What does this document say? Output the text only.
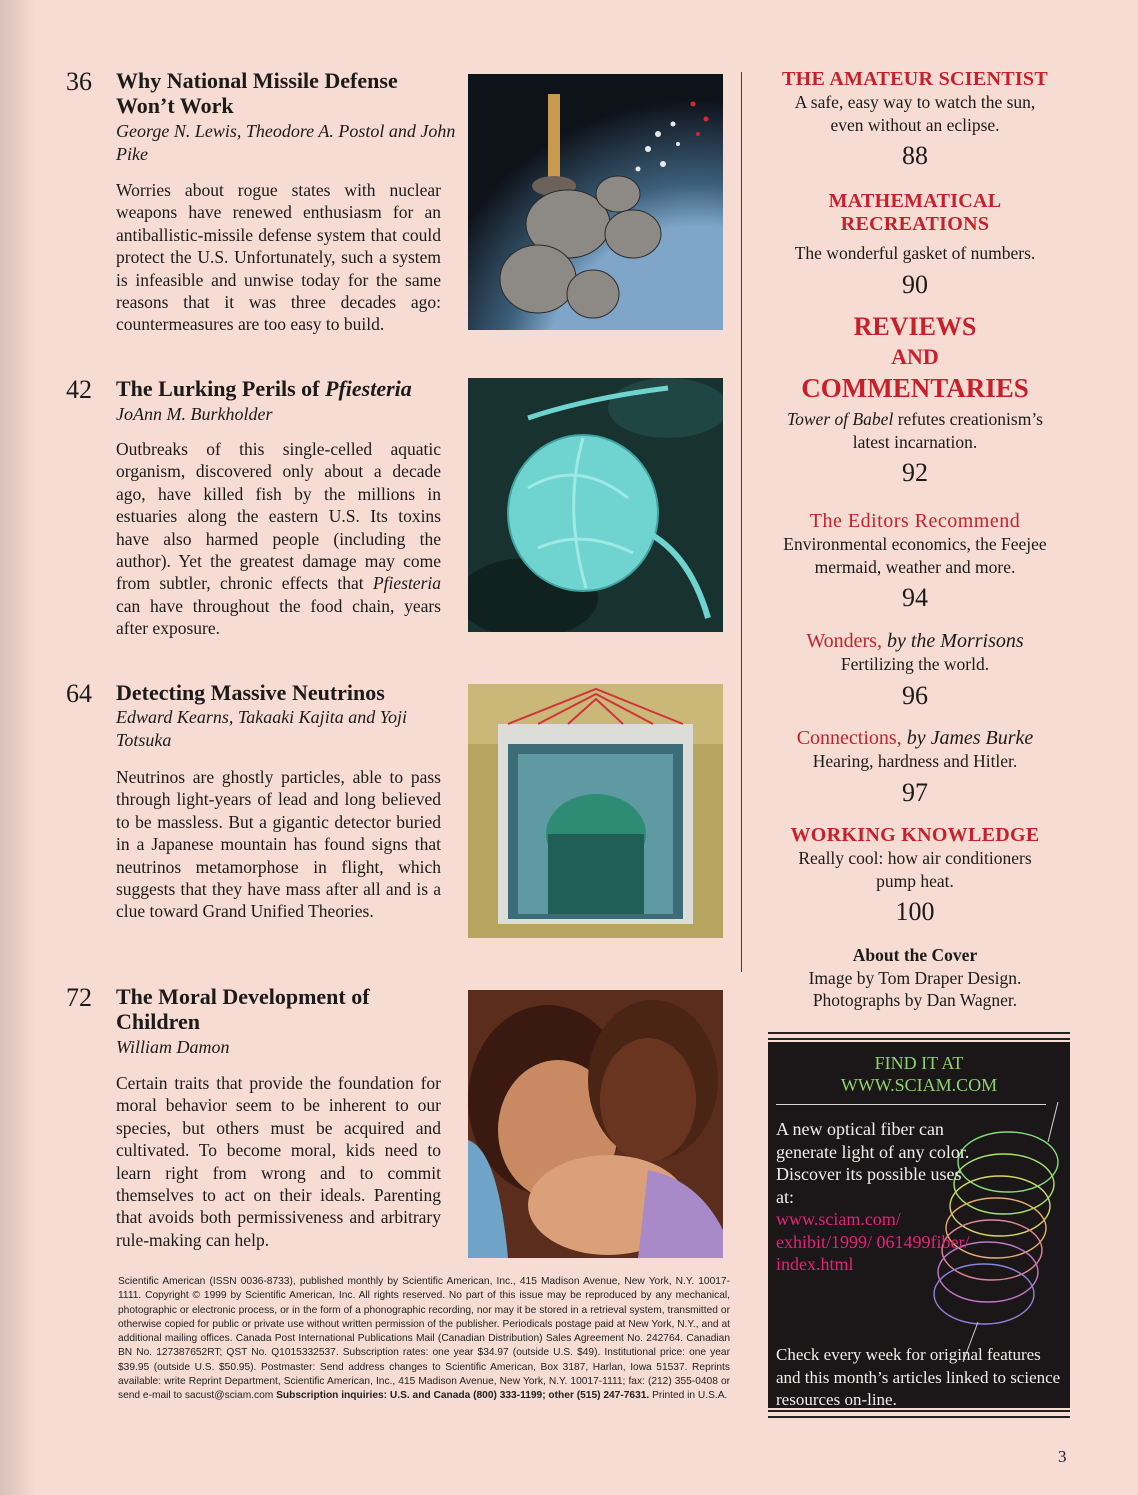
36 Why National Missile Defense Won’t Work
George N. Lewis, Theodore A. Postol and John Pike
Worries about rogue states with nuclear weapons have renewed enthusiasm for an antiballistic-missile defense system that could protect the U.S. Unfortunately, such a system is infeasible and unwise today for the same reasons that it was three decades ago: countermeasures are too easy to build.
42 The Lurking Perils of Pfiesteria
JoAnn M. Burkholder
Outbreaks of this single-celled aquatic organism, discovered only about a decade ago, have killed fish by the millions in estuaries along the eastern U.S. Its toxins have also harmed people (including the author). Yet the greatest damage may come from subtler, chronic effects that Pfiesteria can have throughout the food chain, years after exposure.
64 Detecting Massive Neutrinos
Edward Kearns, Takaaki Kajita and Yoji Totsuka
Neutrinos are ghostly particles, able to pass through light-years of lead and long believed to be massless. But a gigantic detector buried in a Japanese mountain has found signs that neutrinos metamorphose in flight, which suggests that they have mass after all and is a clue toward Grand Unified Theories.
72 The Moral Development of Children
William Damon
Certain traits that provide the foundation for moral behavior seem to be inherent to our species, but others must be acquired and cultivated. To become moral, kids need to learn right from wrong and to commit themselves to act on their ideals. Parenting that avoids both permissiveness and arbitrary rule-making can help.
THE AMATEUR SCIENTIST
A safe, easy way to watch the sun, even without an eclipse.
88
MATHEMATICAL RECREATIONS
The wonderful gasket of numbers.
90
REVIEWS
AND
COMMENTARIES
Tower of Babel refutes creationism’s latest incarnation.
92
The Editors Recommend
Environmental economics, the Feejee mermaid, weather and more.
94
Wonders, by the Morrisons
Fertilizing the world.
96
Connections, by James Burke
Hearing, hardness and Hitler.
97
WORKING KNOWLEDGE
Really cool: how air conditioners pump heat.
100
About the Cover
Image by Tom Draper Design.
Photographs by Dan Wagner.
FIND IT AT
WWW.SCIAM.COM
A new optical fiber can generate light of any color. Discover its possible uses at:
www.sciam.com/ exhibit/1999/ 061499fiber/ index.html
Check every week for original features and this month’s articles linked to science resources on-line.
Scientific American (ISSN 0036-8733), published monthly by Scientific American, Inc., 415 Madison Avenue, New York, N.Y. 10017-1111. Copyright © 1999 by Scientific American, Inc. All rights reserved. No part of this issue may be reproduced by any mechanical, photographic or electronic process, or in the form of a phonographic recording, nor may it be stored in a retrieval system, transmitted or otherwise copied for public or private use without written permission of the publisher. Periodicals postage paid at New York, N.Y., and at additional mailing offices. Canada Post International Publications Mail (Canadian Distribution) Sales Agreement No. 242764. Canadian BN No. 127387652RT; QST No. Q1015332537. Subscription rates: one year $34.97 (outside U.S. $49). Institutional price: one year $39.95 (outside U.S. $50.95). Postmaster: Send address changes to Scientific American, Box 3187, Harlan, Iowa 51537. Reprints available: write Reprint Department, Scientific American, Inc., 415 Madison Avenue, New York, N.Y. 10017-1111; fax: (212) 355-0408 or send e-mail to sacust@sciam.com Subscription inquiries: U.S. and Canada (800) 333-1199; other (515) 247-7631. Printed in U.S.A.
3
